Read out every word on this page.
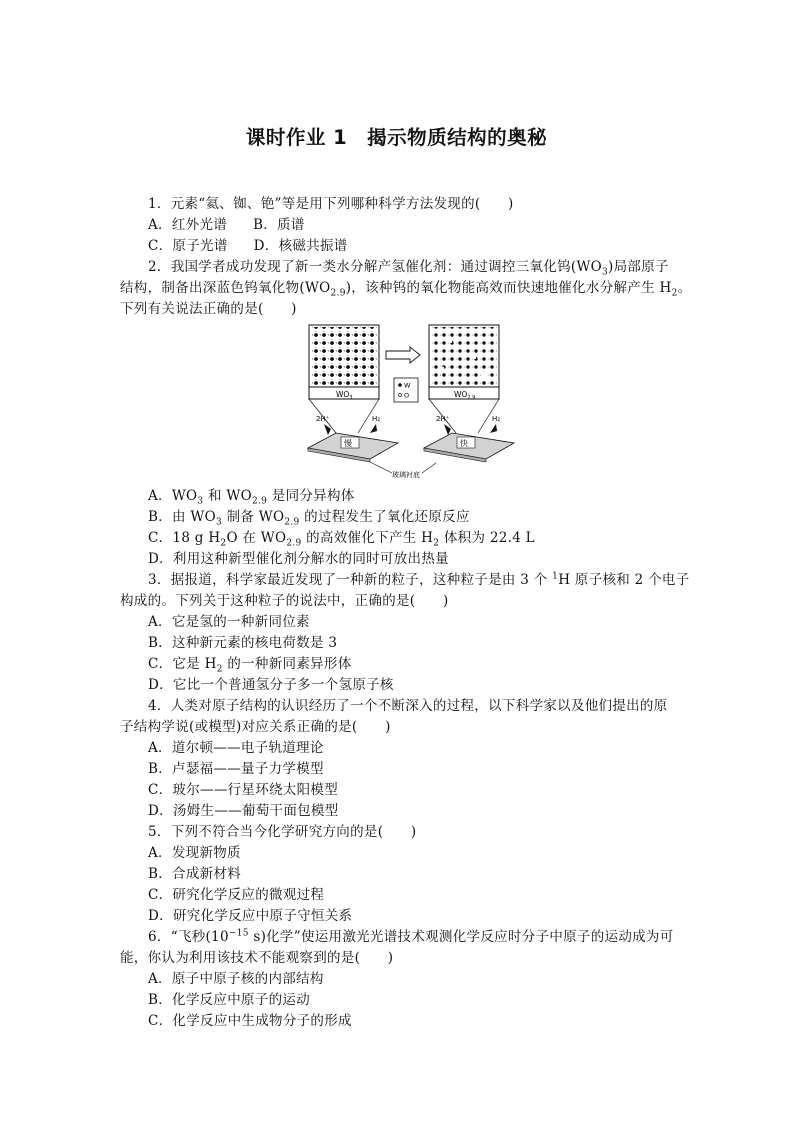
课时作业 1　揭示物质结构的奥秘
1．元素“氦、铷、铯”等是用下列哪种科学方法发现的(　　)
A．红外光谱 B．质谱
C．原子光谱 D．核磁共振谱
2．我国学者成功发现了新一类水分解产氢催化剂：通过调控三氧化钨$(WO_3)$局部原子
结构，制备出深蓝色钨氧化物$(WO_{2.9})$，该种钨的氧化物能高效而快速地催化水分解产生 $H_2$。
下列有关说法正确的是(　　)
$WO_3$	$WO_{2.9}$
W
O
2H⁺	H₂	2H⁺	H₂
慢	快
玻璃衬底
A．$WO_3$ 和 $WO_{2.9}$ 是同分异构体
B．由 $WO_3$ 制备 $WO_{2.9}$ 的过程发生了氧化还原反应
C．18 g $H_2O$ 在 $WO_{2.9}$ 的高效催化下产生 $H_2$ 体积为 22.4 L
D．利用这种新型催化剂分解水的同时可放出热量
3．据报道，科学家最近发现了一种新的粒子，这种粒子是由 3 个 $^1$H 原子核和 2 个电子
构成的。下列关于这种粒子的说法中，正确的是(　　)
A．它是氢的一种新同位素
B．这种新元素的核电荷数是 3
C．它是 $H_2$ 的一种新同素异形体
D．它比一个普通氢分子多一个氢原子核
4．人类对原子结构的认识经历了一个不断深入的过程，以下科学家以及他们提出的原
子结构学说(或模型)对应关系正确的是(　　)
A．道尔顿——电子轨道理论
B．卢瑟福——量子力学模型
C．玻尔——行星环绕太阳模型
D．汤姆生——葡萄干面包模型
5．下列不符合当今化学研究方向的是(　　)
A．发现新物质
B．合成新材料
C．研究化学反应的微观过程
D．研究化学反应中原子守恒关系
6．“飞秒($10^{-15}$ s)化学”使运用激光光谱技术观测化学反应时分子中原子的运动成为可
能，你认为利用该技术不能观察到的是(　　)
A．原子中原子核的内部结构
B．化学反应中原子的运动
C．化学反应中生成物分子的形成
